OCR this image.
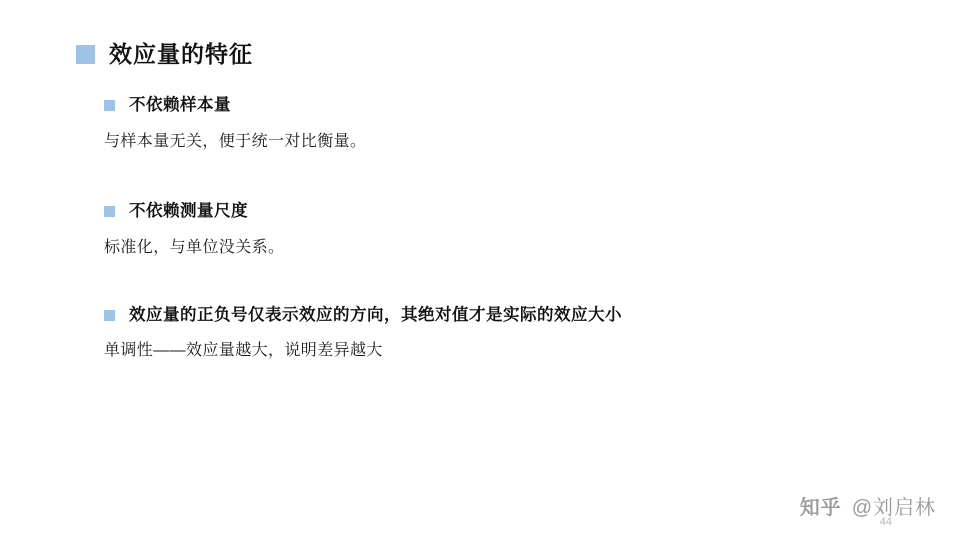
效应量的特征
不依赖样本量
与样本量无关，便于统一对比衡量。
不依赖测量尺度
标准化，与单位没关系。
效应量的正负号仅表示效应的方向，其绝对值才是实际的效应大小
单调性——效应量越大，说明差异越大
知乎 @刘启林
44
